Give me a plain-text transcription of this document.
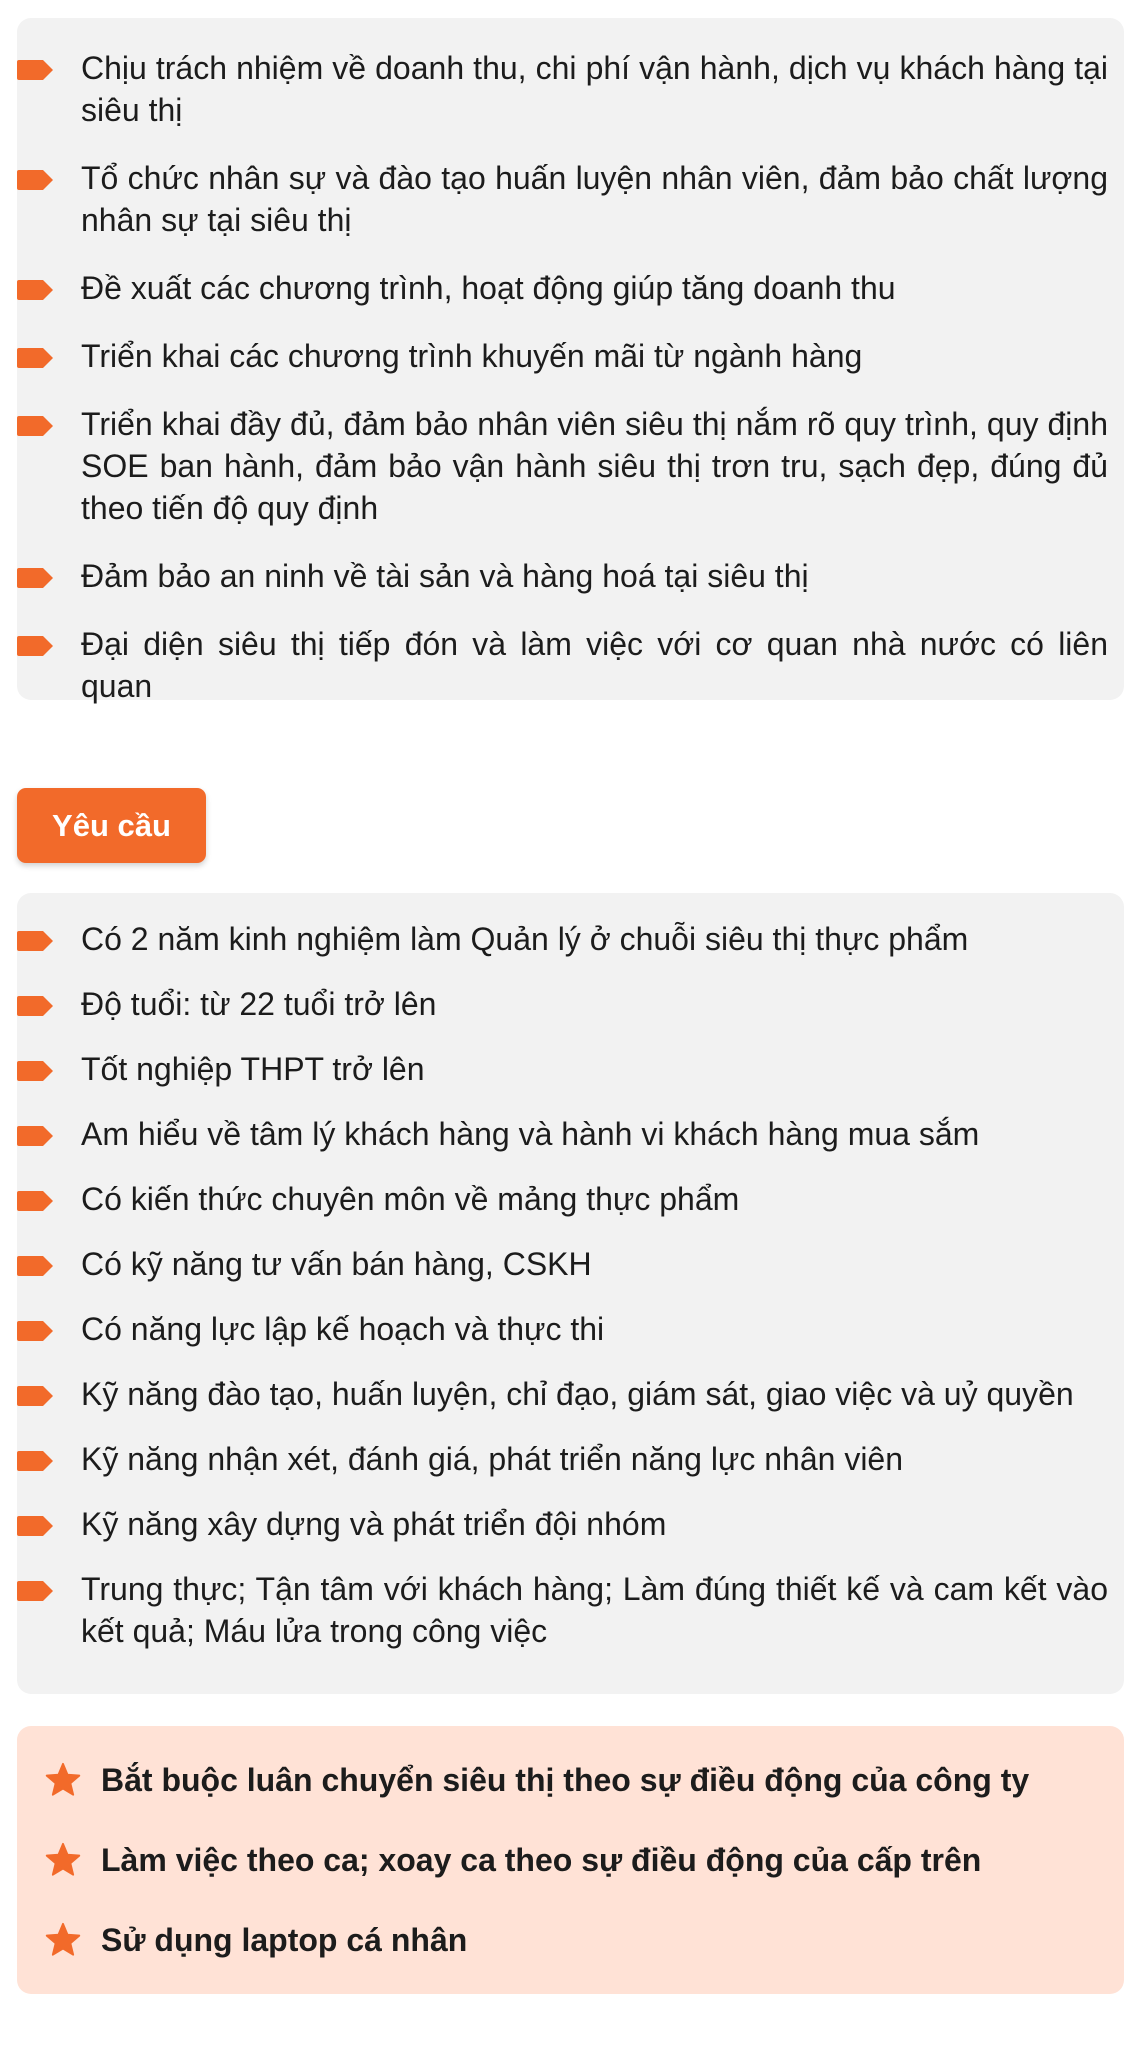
Chịu trách nhiệm về doanh thu, chi phí vận hành, dịch vụ khách hàng tại siêu thị
Tổ chức nhân sự và đào tạo huấn luyện nhân viên, đảm bảo chất lượng nhân sự tại siêu thị
Đề xuất các chương trình, hoạt động giúp tăng doanh thu
Triển khai các chương trình khuyến mãi từ ngành hàng
Triển khai đầy đủ, đảm bảo nhân viên siêu thị nắm rõ quy trình, quy định SOE ban hành, đảm bảo vận hành siêu thị trơn tru, sạch đẹp, đúng đủ theo tiến độ quy định
Đảm bảo an ninh về tài sản và hàng hoá tại siêu thị
Đại diện siêu thị tiếp đón và làm việc với cơ quan nhà nước có liên quan
Yêu cầu
Có 2 năm kinh nghiệm làm Quản lý ở chuỗi siêu thị thực phẩm
Độ tuổi: từ 22 tuổi trở lên
Tốt nghiệp THPT trở lên
Am hiểu về tâm lý khách hàng và hành vi khách hàng mua sắm
Có kiến thức chuyên môn về mảng thực phẩm
Có kỹ năng tư vấn bán hàng, CSKH
Có năng lực lập kế hoạch và thực thi
Kỹ năng đào tạo, huấn luyện, chỉ đạo, giám sát, giao việc và uỷ quyền
Kỹ năng nhận xét, đánh giá, phát triển năng lực nhân viên
Kỹ năng xây dựng và phát triển đội nhóm
Trung thực; Tận tâm với khách hàng; Làm đúng thiết kế và cam kết vào kết quả; Máu lửa trong công việc
Bắt buộc luân chuyển siêu thị theo sự điều động của công ty
Làm việc theo ca; xoay ca theo sự điều động của cấp trên
Sử dụng laptop cá nhân
